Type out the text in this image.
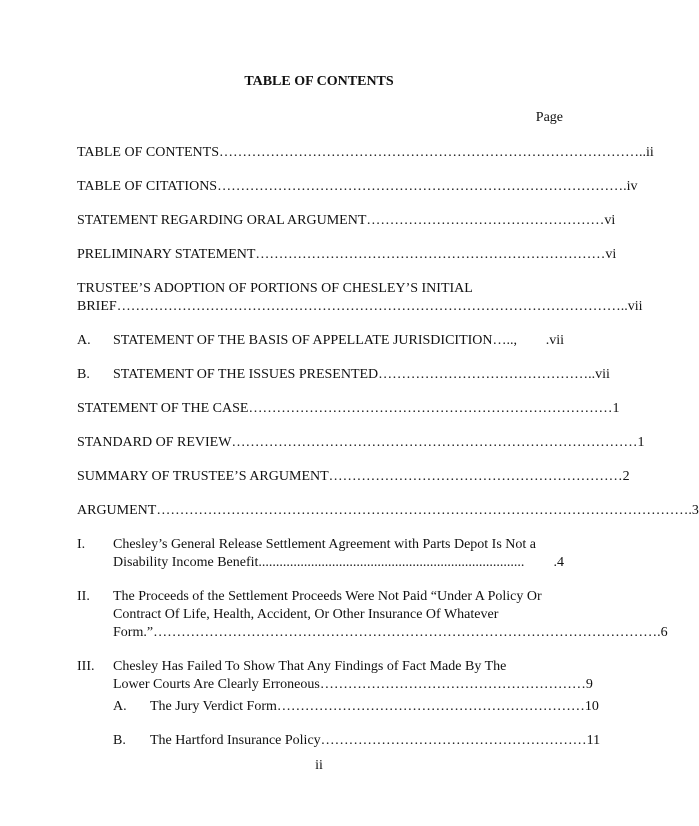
TABLE OF CONTENTS
Page
TABLE OF CONTENTS ……………………………………………………………………………… ..ii
TABLE OF CITATIONS …………………………………………………………………………… .iv
STATEMENT REGARDING ORAL ARGUMENT …………………………………………… vi
PRELIMINARY STATEMENT ………………………………………………………………… vi
TRUSTEE’S ADOPTION OF PORTIONS OF CHESLEY’S INITIAL
BRIEF ……………………………………………………………………………………………… ..vii
A.	STATEMENT OF THE BASIS OF APPELLATE JURISDICITION …..,	.vii
B.	STATEMENT OF THE ISSUES PRESENTED ……………………………………… ..vii
STATEMENT OF THE CASE …………………………………………………………………… 1
STANDARD OF REVIEW …………………………………………………………………………… 1
SUMMARY OF TRUSTEE’S ARGUMENT ……………………………………………………… 2
ARGUMENT …………………………………………………………………………………………………… .3
I.	Chesley’s General Release Settlement Agreement with Parts Depot Is Not a
Disability Income Benefit ............................................................................	.4
II.	The Proceeds of the Settlement Proceeds Were Not Paid “Under A Policy Or
Contract Of Life, Health, Accident, Or Other Insurance Of Whatever
Form.” ……………………………………………………………………………………………… .6
III.	Chesley Has Failed To Show That Any Findings of Fact Made By The
Lower Courts Are Clearly Erroneous ………………………………………………… 9
A.	The Jury Verdict Form ………………………………………………………… 10
B.	The Hartford Insurance Policy ………………………………………………… 11
ii
